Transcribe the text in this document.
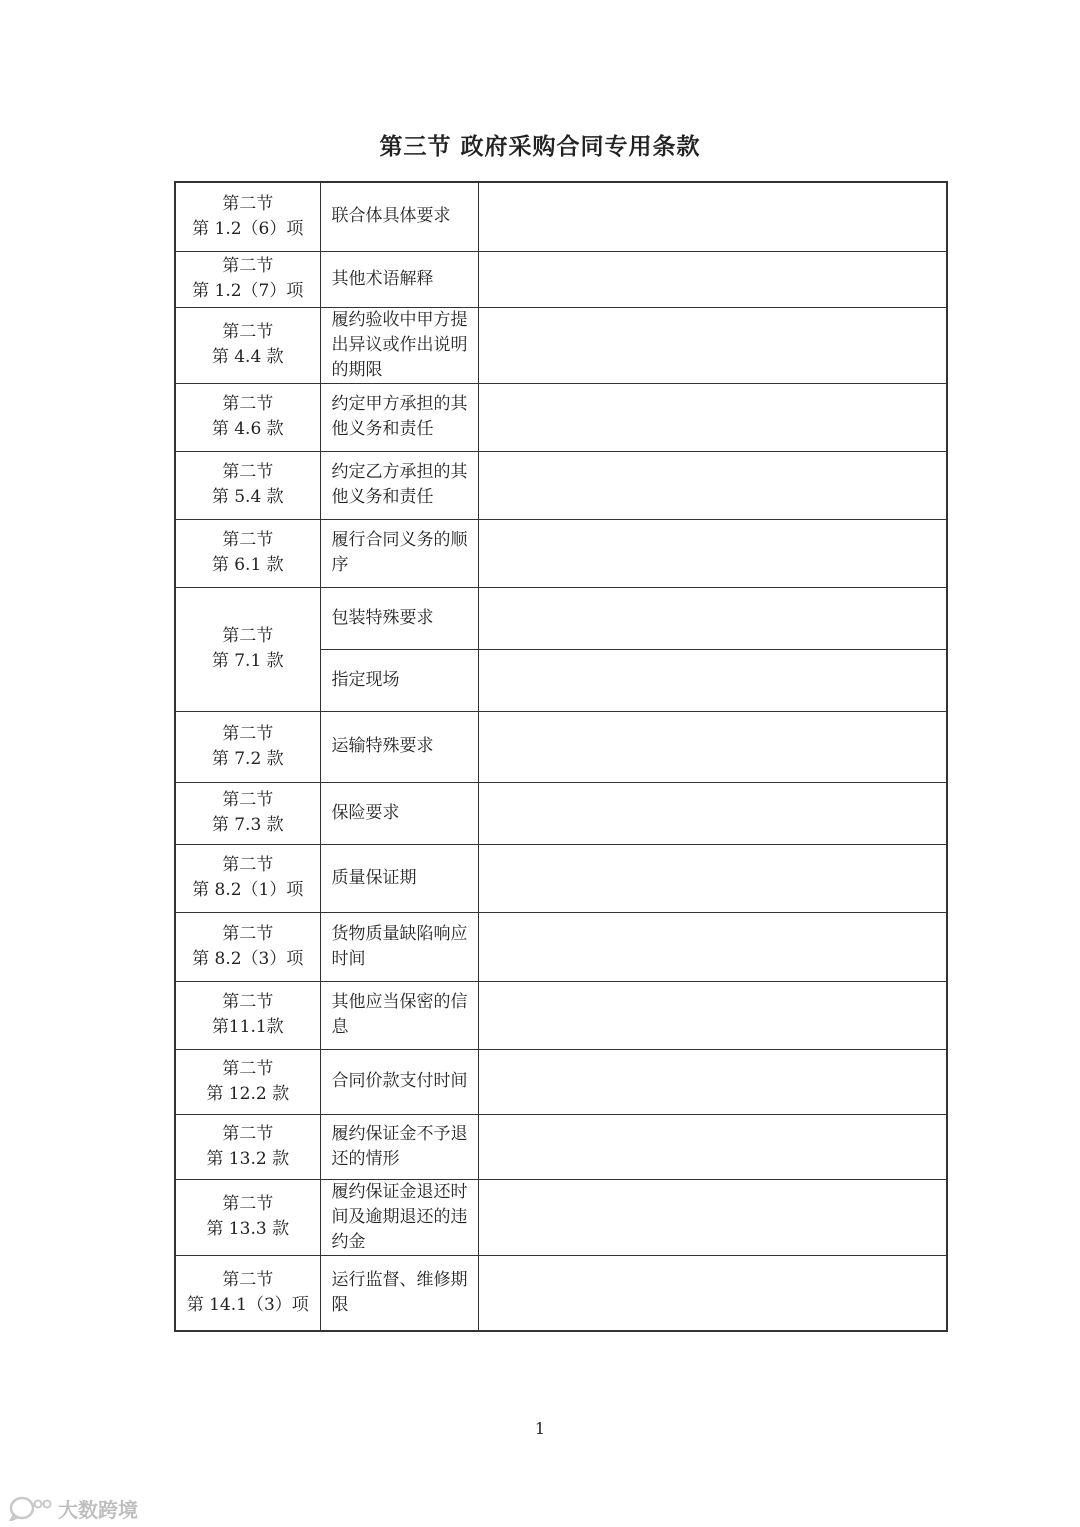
第三节 政府采购合同专用条款
第二节
第 1.2（6）项	联合体具体要求	

第二节
第 1.2（7）项	其他术语解释	

第二节
第 4.4 款	履约验收中甲方提出异议或作出说明的期限	

第二节
第 4.6 款	约定甲方承担的其他义务和责任	

第二节
第 5.4 款	约定乙方承担的其他义务和责任	

第二节
第 6.1 款	履行合同义务的顺序	

第二节
第 7.1 款	包装特殊要求	

	指定现场	

第二节
第 7.2 款	运输特殊要求	

第二节
第 7.3 款	保险要求	

第二节
第 8.2（1）项	质量保证期	

第二节
第 8.2（3）项	货物质量缺陷响应时间	

第二节
第11.1款	其他应当保密的信息	

第二节
第 12.2 款	合同价款支付时间	

第二节
第 13.2 款	履约保证金不予退还的情形	

第二节
第 13.3 款	履约保证金退还时间及逾期退还的违约金	

第二节
第 14.1（3）项	运行监督、维修期限	

1
大数跨境
